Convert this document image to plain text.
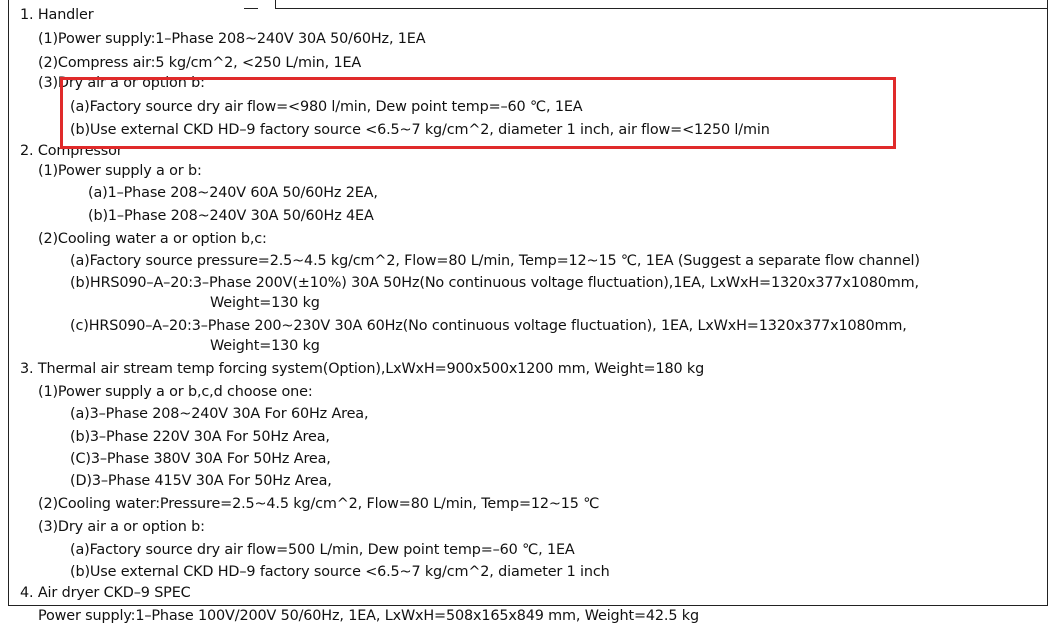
1. Handler
(1)Power supply:1–Phase 208~240V 30A 50/60Hz, 1EA
(2)Compress air:5 kg/cm^2, <250 L/min, 1EA
(3)Dry air a or option b:
(a)Factory source dry air flow=<980 l/min, Dew point temp=–60 ℃, 1EA
(b)Use external CKD HD–9 factory source <6.5~7 kg/cm^2, diameter 1 inch, air flow=<1250 l/min
2. Compressor
(1)Power supply a or b:
(a)1–Phase 208~240V 60A 50/60Hz 2EA,
(b)1–Phase 208~240V 30A 50/60Hz 4EA
(2)Cooling water a or option b,c:
(a)Factory source pressure=2.5~4.5 kg/cm^2, Flow=80 L/min, Temp=12~15 ℃, 1EA (Suggest a separate flow channel)
(b)HRS090–A–20:3–Phase 200V(±10%) 30A 50Hz(No continuous voltage fluctuation),1EA, LxWxH=1320x377x1080mm,
Weight=130 kg
(c)HRS090–A–20:3–Phase 200~230V 30A 60Hz(No continuous voltage fluctuation), 1EA, LxWxH=1320x377x1080mm,
Weight=130 kg
3. Thermal air stream temp forcing system(Option),LxWxH=900x500x1200 mm, Weight=180 kg
(1)Power supply a or b,c,d choose one:
(a)3–Phase 208~240V 30A For 60Hz Area,
(b)3–Phase 220V 30A For 50Hz Area,
(C)3–Phase 380V 30A For 50Hz Area,
(D)3–Phase 415V 30A For 50Hz Area,
(2)Cooling water:Pressure=2.5~4.5 kg/cm^2, Flow=80 L/min, Temp=12~15 ℃
(3)Dry air a or option b:
(a)Factory source dry air flow=500 L/min, Dew point temp=–60 ℃, 1EA
(b)Use external CKD HD–9 factory source <6.5~7 kg/cm^2, diameter 1 inch
4. Air dryer CKD–9 SPEC
Power supply:1–Phase 100V/200V 50/60Hz, 1EA, LxWxH=508x165x849 mm, Weight=42.5 kg
